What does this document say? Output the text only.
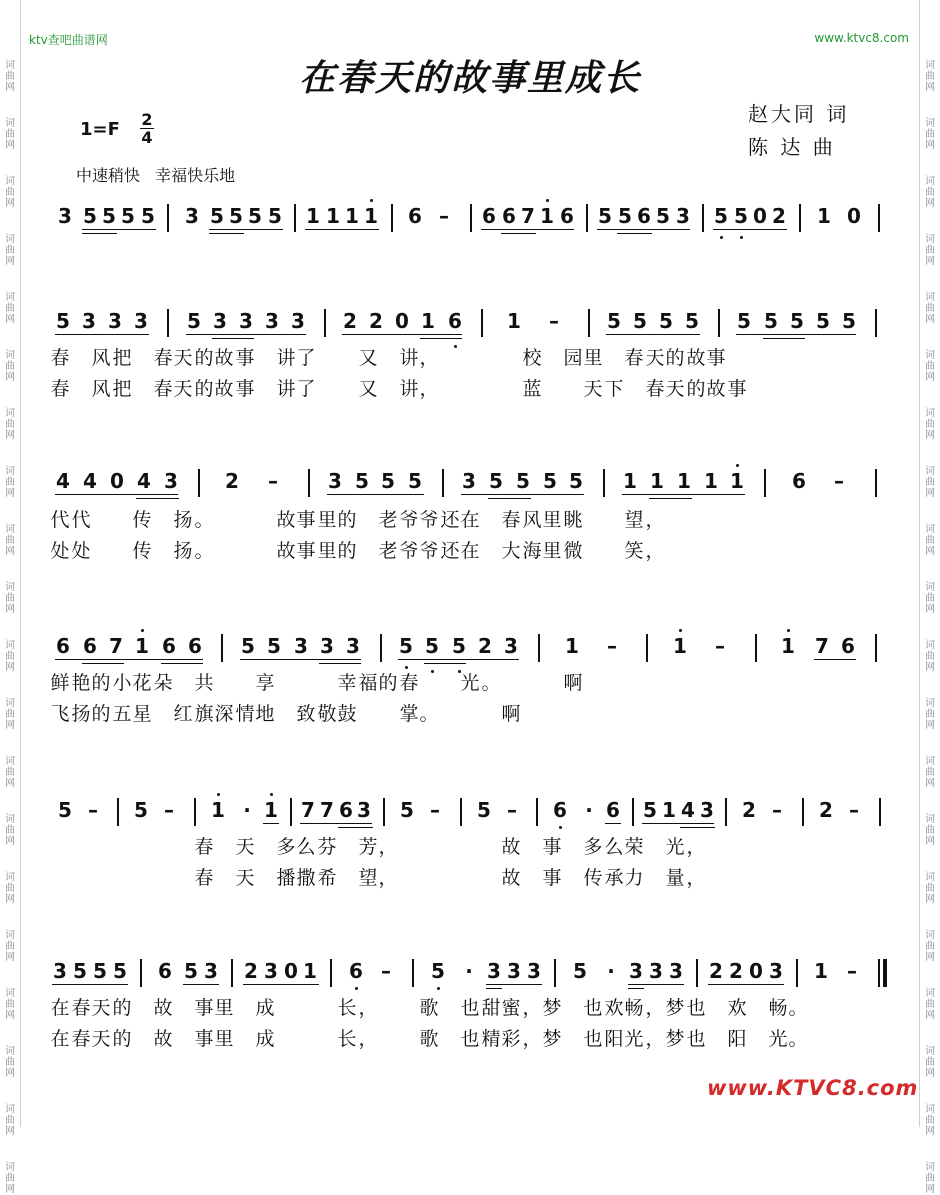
词曲网
词曲网
词曲网
词曲网
词曲网
词曲网
词曲网
词曲网
词曲网
词曲网
词曲网
词曲网
词曲网
词曲网
词曲网
词曲网
词曲网
词曲网
词曲网
词曲网
词曲网
词曲网
词曲网
词曲网
词曲网
词曲网
词曲网
词曲网
词曲网
词曲网
词曲网
词曲网
词曲网
词曲网
词曲网
词曲网
词曲网
词曲网
词曲网
词曲网
ktv查吧曲谱网	www.ktvc8.com
在春天的故事里成长
赵大同 词
陈 达 曲
$1=F \frac{2}{4}$
中速稍快 幸福快乐地
3 5 5 5 5 3 5 5 5 5 1 1 1 1 6 – 6 6 7 1 6 5 5 6 5 3 5 5 0 2 1 0
5 3 3 3 5 3 3 3 3 2 2 0 1 6 1 – 5 5 5 5 5 5 5 5 5
春 风 把 春 天 的 故 事 讲 了 又 讲 ，	校 园 里 春 天 的 故 事
春 风 把 春 天 的 故 事 讲 了 又 讲 ，	蓝 天 下 春 天 的 故 事
4 4 0 4 3 2 –	3 5 5 5 3 5 5 5 5 1 1 1 1 1 6 –
代 代 传 扬 。	故 事 里 的 老 爷 爷 还 在 春 风 里 眺 望 ，
处 处 传 扬 。	故 事 里 的 老 爷 爷 还 在 大 海 里 微 笑 ，
6 6 7 1 6 6 5 5 3 3 3 5 5 5 2 3 1 –	1 –	1 7 6
鲜 艳 的 小 花 朵 共 享	幸 福 的 春 光 。	啊
飞 扬 的 五 星 红 旗 深 情 地 致 敬 鼓 掌 。	啊
5 – 5 – 1 · 1 7 7 6 3 5 – 5 – 6 · 6 5 1 4 3 2 – 2 –
春 天 多 么 芬 芳 ，	故 事 多 么 荣 光 ，
春 天 播 撒 希 望 ，	故 事 传 承 力 量 ，
3 5 5 5 6 5 3 2 3 0 1 6 – 5 · 3 3 3 5 · 3 3 3 2 2 0 3 1 –
在 春 天 的 故 事 里 成	长 ， 歌 也 甜 蜜 ， 梦 也 欢 畅 ， 梦 也 欢 畅 。
在 春 天 的 故 事 里 成	长 ， 歌 也 精 彩 ， 梦 也 阳 光 ， 梦 也 阳 光 。
www.KTVC8.com
